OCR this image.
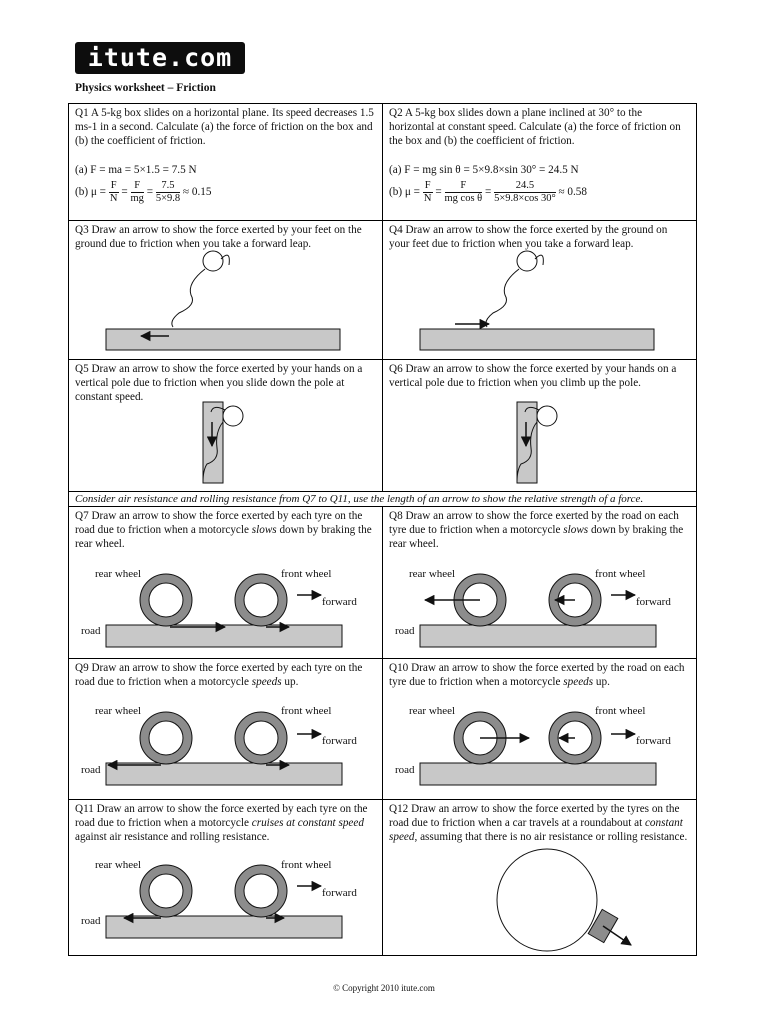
itute.com
Physics worksheet – Friction
Q1 A 5-kg box slides on a horizontal plane. Its speed decreases 1.5 ms-1 in a second. Calculate (a) the force of friction on the box and (b) the coefficient of friction.
(a) F = ma = 5×1.5 = 7.5 N
(b) $\mu = \frac{F}{N} = \frac{F}{mg} = \frac{7.5}{5\times 9.8} \approx 0.15$
Q2 A 5-kg box slides down a plane inclined at 30° to the horizontal at constant speed. Calculate (a) the force of friction on the box and (b) the coefficient of friction.
(a) F = mg sin θ = 5×9.8×sin 30° = 24.5 N
(b) $\mu = \frac{F}{N} = \frac{F}{\text{mg cos θ}} = \frac{24.5}{5\times 9.8\times\cos 30^\circ} \approx 0.58$
Q3 Draw an arrow to show the force exerted by your feet on the ground due to friction when you take a forward leap.
Q4 Draw an arrow to show the force exerted by the ground on your feet due to friction when you take a forward leap.
Q5 Draw an arrow to show the force exerted by your hands on a vertical pole due to friction when you slide down the pole at constant speed.
Q6 Draw an arrow to show the force exerted by your hands on a vertical pole due to friction when you climb up the pole.
Consider air resistance and rolling resistance from Q7 to Q11, use the length of an arrow to show the relative strength of a force.
Q7 Draw an arrow to show the force exerted by each tyre on the road due to friction when a motorcycle slows down by braking the rear wheel.
rear wheel	front wheel
forward
road
Q8 Draw an arrow to show the force exerted by the road on each tyre due to friction when a motorcycle slows down by braking the rear wheel.
rear wheel	front wheel
forward
road
Q9 Draw an arrow to show the force exerted by each tyre on the road due to friction when a motorcycle speeds up.
rear wheel	front wheel
forward
road
Q10 Draw an arrow to show the force exerted by the road on each tyre due to friction when a motorcycle speeds up.
rear wheel	front wheel
forward
road
Q11 Draw an arrow to show the force exerted by each tyre on the road due to friction when a motorcycle cruises at constant speed against air resistance and rolling resistance.
rear wheel	front wheel
forward
road
Q12 Draw an arrow to show the force exerted by the tyres on the road due to friction when a car travels at a roundabout at constant speed, assuming that there is no air resistance or rolling resistance.
© Copyright 2010 itute.com
